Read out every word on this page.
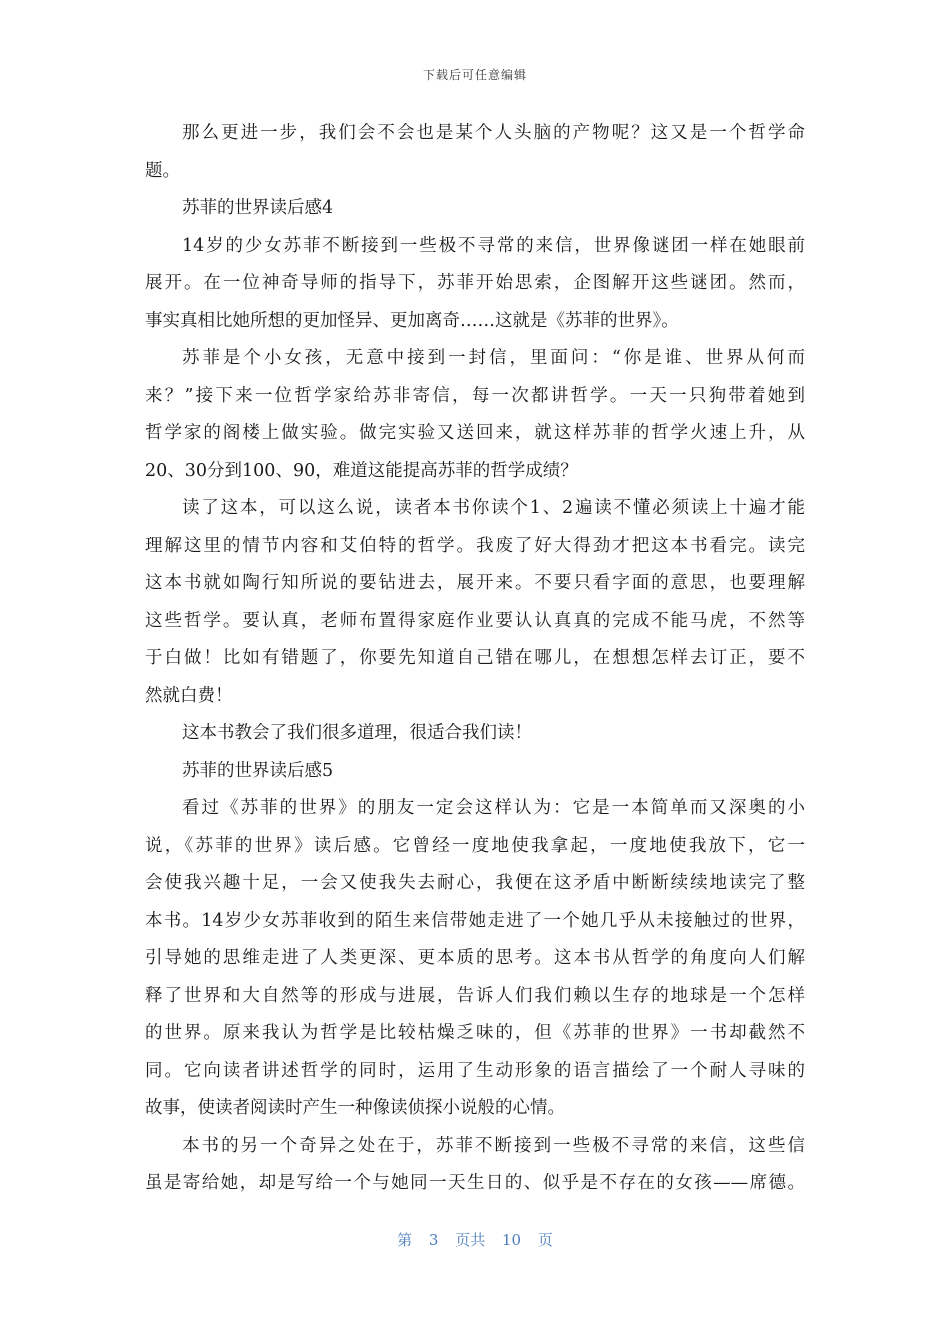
下载后可任意编辑
那么更进一步，我们会不会也是某个人头脑的产物呢？这又是一个哲学命
题。
苏菲的世界读后感4
14岁的少女苏菲不断接到一些极不寻常的来信，世界像谜团一样在她眼前
展开。在一位神奇导师的指导下，苏菲开始思索，企图解开这些谜团。然而，
事实真相比她所想的更加怪异、更加离奇……这就是《苏菲的世界》。
苏菲是个小女孩，无意中接到一封信，里面问：“你是谁、世界从何而
来？”接下来一位哲学家给苏非寄信，每一次都讲哲学。一天一只狗带着她到
哲学家的阁楼上做实验。做完实验又送回来，就这样苏菲的哲学火速上升，从
20、30分到100、90，难道这能提高苏菲的哲学成绩？
读了这本，可以这么说，读者本书你读个1、2遍读不懂必须读上十遍才能
理解这里的情节内容和艾伯特的哲学。我废了好大得劲才把这本书看完。读完
这本书就如陶行知所说的要钻进去，展开来。不要只看字面的意思，也要理解
这些哲学。要认真，老师布置得家庭作业要认认真真的完成不能马虎，不然等
于白做！比如有错题了，你要先知道自己错在哪儿，在想想怎样去订正，要不
然就白费！
这本书教会了我们很多道理，很适合我们读！
苏菲的世界读后感5
看过《苏菲的世界》的朋友一定会这样认为：它是一本简单而又深奥的小
说，《苏菲的世界》读后感。它曾经一度地使我拿起，一度地使我放下，它一
会使我兴趣十足，一会又使我失去耐心，我便在这矛盾中断断续续地读完了整
本书。14岁少女苏菲收到的陌生来信带她走进了一个她几乎从未接触过的世界，
引导她的思维走进了人类更深、更本质的思考。这本书从哲学的角度向人们解
释了世界和大自然等的形成与进展，告诉人们我们赖以生存的地球是一个怎样
的世界。原来我认为哲学是比较枯燥乏味的，但《苏菲的世界》一书却截然不
同。它向读者讲述哲学的同时，运用了生动形象的语言描绘了一个耐人寻味的
故事，使读者阅读时产生一种像读侦探小说般的心情。
本书的另一个奇异之处在于，苏菲不断接到一些极不寻常的来信，这些信
虽是寄给她，却是写给一个与她同一天生日的、似乎是不存在的女孩——席德。
第 3 页共 10 页
